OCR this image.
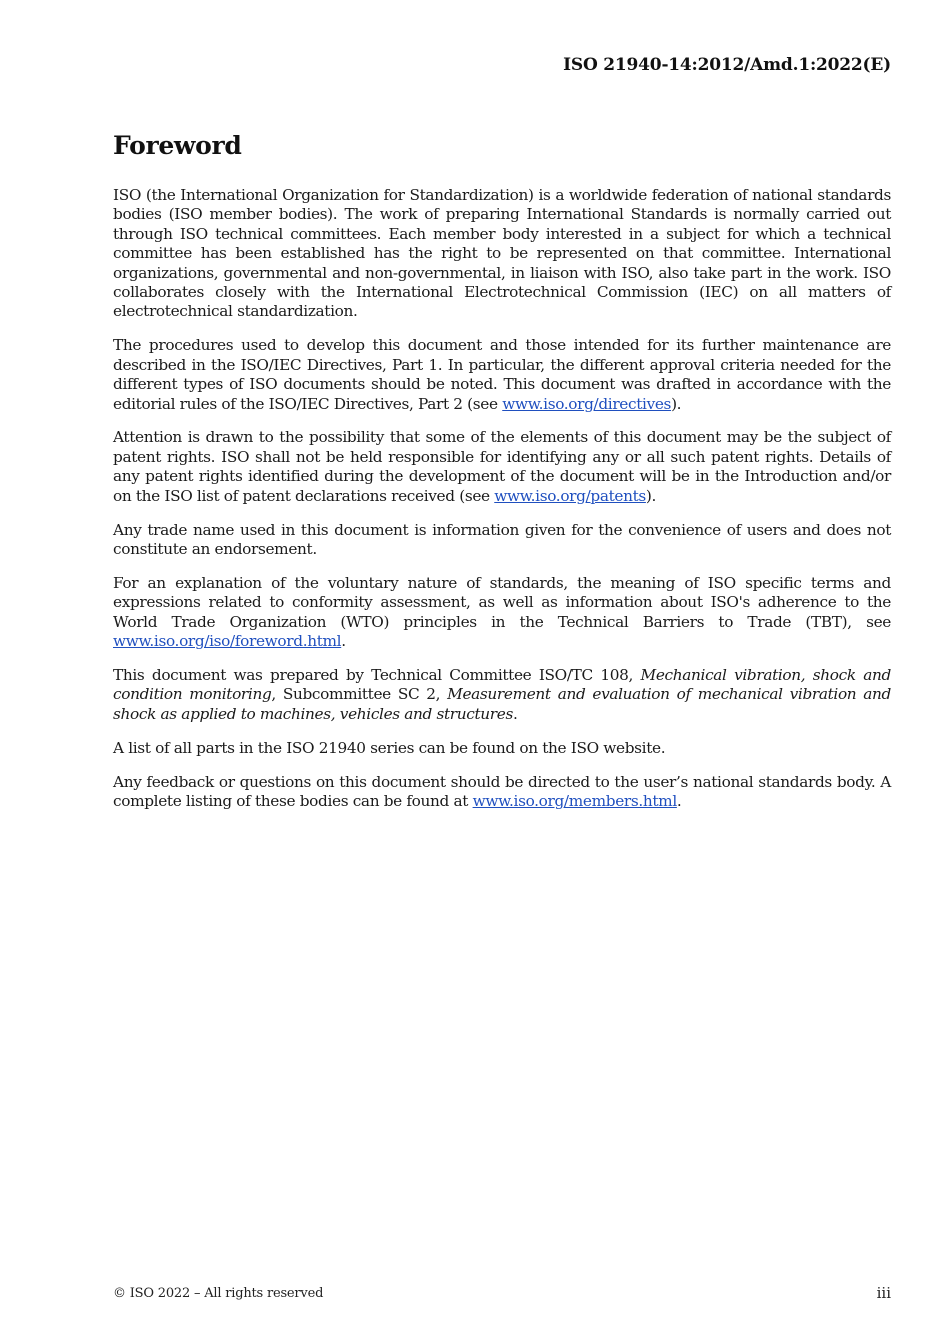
ISO 21940-14:2012/Amd.1:2022(E)
Foreword

ISO (the International Organization for Standardization) is a worldwide federation of national standards bodies (ISO member bodies). The work of preparing International Standards is normally carried out through ISO technical committees. Each member body interested in a subject for which a technical committee has been established has the right to be represented on that committee. International organizations, governmental and non-governmental, in liaison with ISO, also take part in the work. ISO collaborates closely with the International Electrotechnical Commission (IEC) on all matters of electrotechnical standardization.

The procedures used to develop this document and those intended for its further maintenance are described in the ISO/IEC Directives, Part 1. In particular, the different approval criteria needed for the different types of ISO documents should be noted. This document was drafted in accordance with the editorial rules of the ISO/IEC Directives, Part 2 (see www.iso.org/directives).

Attention is drawn to the possibility that some of the elements of this document may be the subject of patent rights. ISO shall not be held responsible for identifying any or all such patent rights. Details of any patent rights identified during the development of the document will be in the Introduction and/or on the ISO list of patent declarations received (see www.iso.org/patents).

Any trade name used in this document is information given for the convenience of users and does not constitute an endorsement.

For an explanation of the voluntary nature of standards, the meaning of ISO specific terms and expressions related to conformity assessment, as well as information about ISO's adherence to the World Trade Organization (WTO) principles in the Technical Barriers to Trade (TBT), see www.iso.org/iso/foreword.html.

This document was prepared by Technical Committee ISO/TC 108, Mechanical vibration, shock and condition monitoring, Subcommittee SC 2, Measurement and evaluation of mechanical vibration and shock as applied to machines, vehicles and structures.

A list of all parts in the ISO 21940 series can be found on the ISO website.

Any feedback or questions on this document should be directed to the user’s national standards body. A complete listing of these bodies can be found at www.iso.org/members.html.

© ISO 2022 – All rights reserved	iii
